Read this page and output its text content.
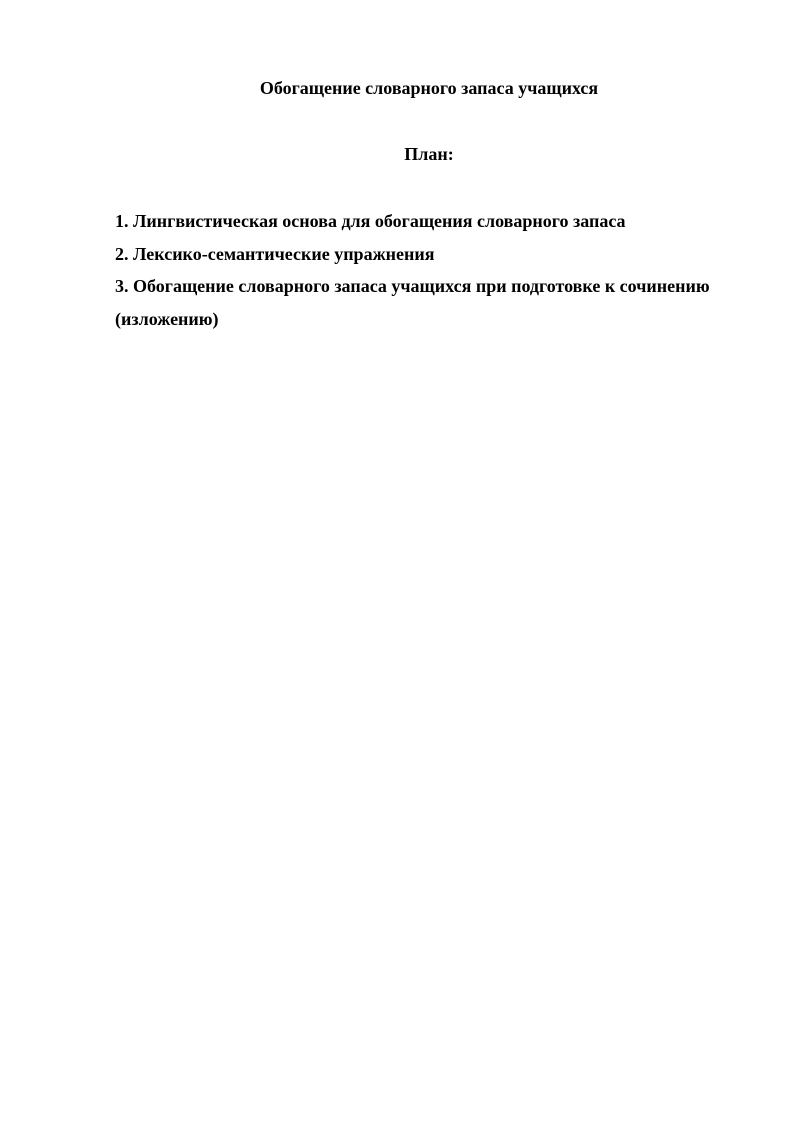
Обогащение словарного запаса учащихся
План:
1. Лингвистическая основа для обогащения словарного запаса
2. Лексико-семантические упражнения
3. Обогащение словарного запаса учащихся при подготовке к сочинению (изложению)
